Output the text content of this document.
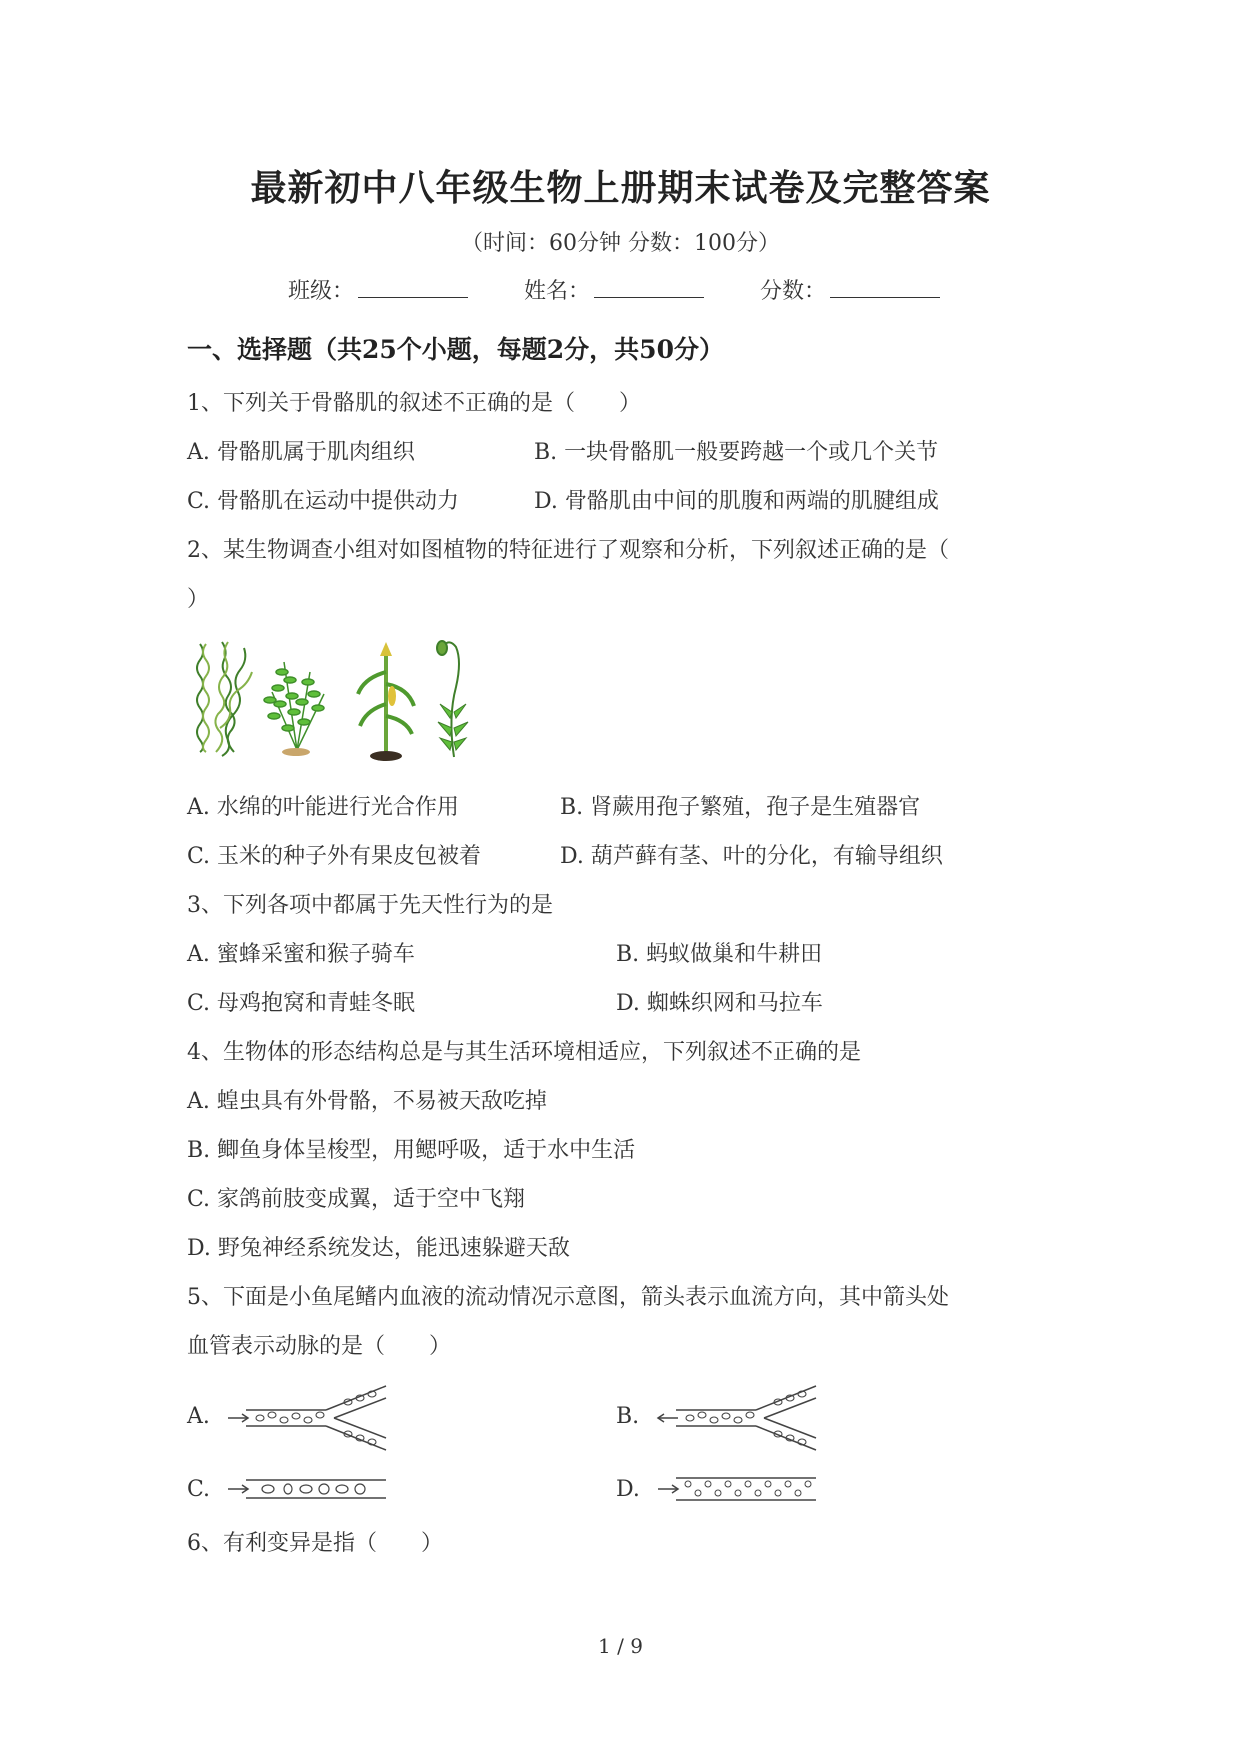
最新初中八年级生物上册期末试卷及完整答案
（时间：60分钟 分数：100分）
班级：	姓名：	分数：
一、选择题（共25个小题，每题2分，共50分）
1、下列关于骨骼肌的叙述不正确的是（　　）
A. 骨骼肌属于肌肉组织	B. 一块骨骼肌一般要跨越一个或几个关节
C. 骨骼肌在运动中提供动力	D. 骨骼肌由中间的肌腹和两端的肌腱组成
2、某生物调查小组对如图植物的特征进行了观察和分析，下列叙述正确的是（
）
A. 水绵的叶能进行光合作用	B. 肾蕨用孢子繁殖，孢子是生殖器官
C. 玉米的种子外有果皮包被着	D. 葫芦藓有茎、叶的分化，有输导组织
3、下列各项中都属于先天性行为的是
A. 蜜蜂采蜜和猴子骑车	B. 蚂蚁做巢和牛耕田
C. 母鸡抱窝和青蛙冬眠	D. 蜘蛛织网和马拉车
4、生物体的形态结构总是与其生活环境相适应，下列叙述不正确的是
A. 蝗虫具有外骨骼，不易被天敌吃掉
B. 鲫鱼身体呈梭型，用鳃呼吸，适于水中生活
C. 家鸽前肢变成翼，适于空中飞翔
D. 野兔神经系统发达，能迅速躲避天敌
5、下面是小鱼尾鳍内血液的流动情况示意图，箭头表示血流方向，其中箭头处
血管表示动脉的是（　　）
A.	B.
C.	D.
6、有利变异是指（　　）
1 / 9
